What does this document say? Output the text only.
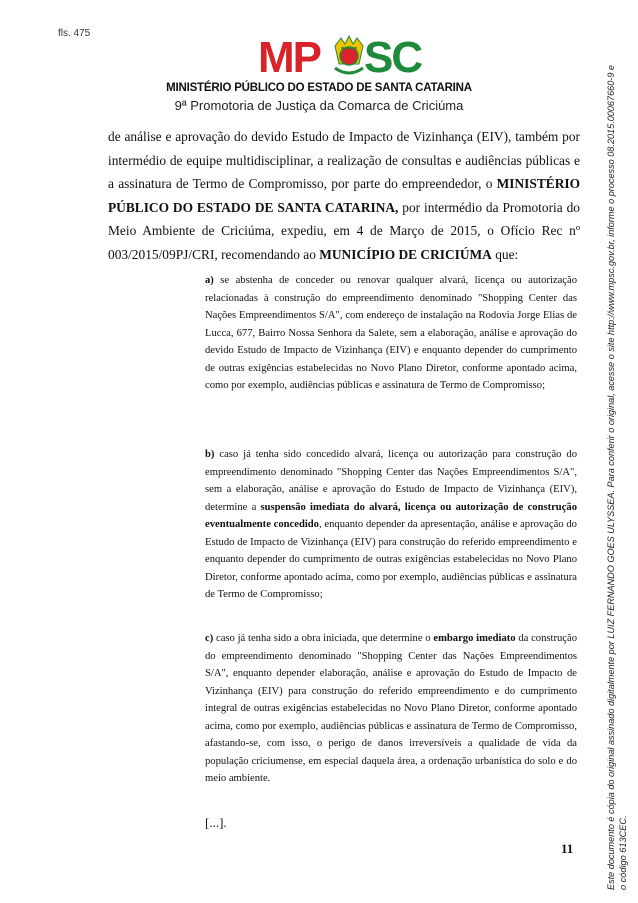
fls. 475	MP SC
MINISTÉRIO PÚBLICO DO ESTADO DE SANTA CATARINA
9ª Promotoria de Justiça da Comarca de Criciúma

de análise e aprovação do devido Estudo de Impacto de Vizinhança (EIV), também por intermédio de equipe multidisciplinar, a realização de consultas e audiências públicas e a assinatura de Termo de Compromisso, por parte do empreendedor, o MINISTÉRIO PÚBLICO DO ESTADO DE SANTA CATARINA, por intermédio da Promotoria do Meio Ambiente de Criciúma, expediu, em 4 de Março de 2015, o Ofício Rec nº 003/2015/09PJ/CRI, recomendando ao MUNICÍPIO DE CRICIÚMA que:

a) se abstenha de conceder ou renovar qualquer alvará, licença ou autorização relacionadas à construção do empreendimento denominado "Shopping Center das Nações Empreendimentos S/A", com endereço de instalação na Rodovia Jorge Elias de Lucca, 677, Bairro Nossa Senhora da Salete, sem a elaboração, análise e aprovação do devido Estudo de Impacto de Vizinhança (EIV) e enquanto depender do cumprimento de outras exigências estabelecidas no Novo Plano Diretor, conforme apontado acima, como por exemplo, audiências públicas e assinatura de Termo de Compromisso;

b) caso já tenha sido concedido alvará, licença ou autorização para construção do empreendimento denominado "Shopping Center das Nações Empreendimentos S/A", sem a elaboração, análise e aprovação do Estudo de Impacto de Vizinhança (EIV), determine a suspensão imediata do alvará, licença ou autorização de construção eventualmente concedido, enquanto depender da apresentação, análise e aprovação do Estudo de Impacto de Vizinhança (EIV) para construção do referido empreendimento e enquanto depender do cumprimento de outras exigências estabelecidas no Novo Plano Diretor, conforme apontado acima, como por exemplo, audiências públicas e assinatura de Termo de Compromisso;

c) caso já tenha sido a obra iniciada, que determine o embargo imediato da construção do empreendimento denominado "Shopping Center das Nações Empreendimentos S/A", enquanto depender elaboração, análise e aprovação do Estudo de Impacto de Vizinhança (EIV) para construção do referido empreendimento e do cumprimento integral de outras exigências estabelecidas no Novo Plano Diretor, conforme apontado acima, como por exemplo, audiências públicas e assinatura de Termo de Compromisso, afastando-se, com isso, o perigo de danos irreversíveis a qualidade de vida da população criciumense, em especial daquela área, a ordenação urbanística do solo e do meio ambiente.

[...].
11	Este documento é cópia do original assinado digitalmente por LUIZ FERNANDO GOES ULYSSEA. Para conferir o original, acesse o site http://www.mpsc.gov.br, informe o processo 08.2015.00067660-9 e o código 613CEC.
